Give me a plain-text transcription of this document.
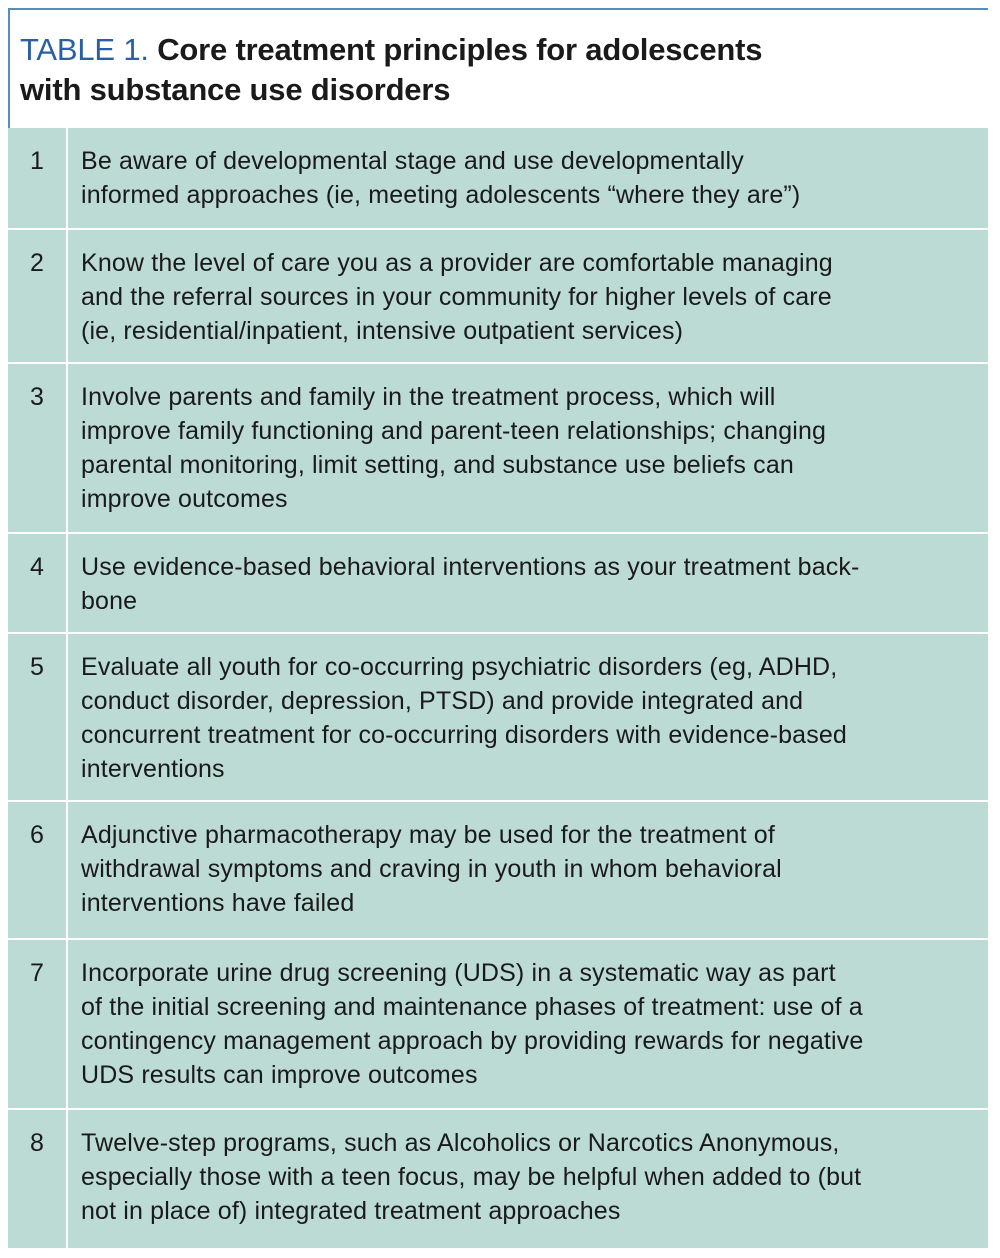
TABLE 1. Core treatment principles for adolescents
with substance use disorders
1	Be aware of developmental stage and use developmentally
informed approaches (ie, meeting adolescents “where they are”)
2	Know the level of care you as a provider are comfortable managing
and the referral sources in your community for higher levels of care
(ie, residential/inpatient, intensive outpatient services)
3	Involve parents and family in the treatment process, which will
improve family functioning and parent-teen relationships; changing
parental monitoring, limit setting, and substance use beliefs can
improve outcomes
4	Use evidence-based behavioral interventions as your treatment back-
bone
5	Evaluate all youth for co-occurring psychiatric disorders (eg, ADHD,
conduct disorder, depression, PTSD) and provide integrated and
concurrent treatment for co-occurring disorders with evidence-based
interventions
6	Adjunctive pharmacotherapy may be used for the treatment of
withdrawal symptoms and craving in youth in whom behavioral
interventions have failed
7	Incorporate urine drug screening (UDS) in a systematic way as part
of the initial screening and maintenance phases of treatment: use of a
contingency management approach by providing rewards for negative
UDS results can improve outcomes
8	Twelve-step programs, such as Alcoholics or Narcotics Anonymous,
especially those with a teen focus, may be helpful when added to (but
not in place of) integrated treatment approaches
